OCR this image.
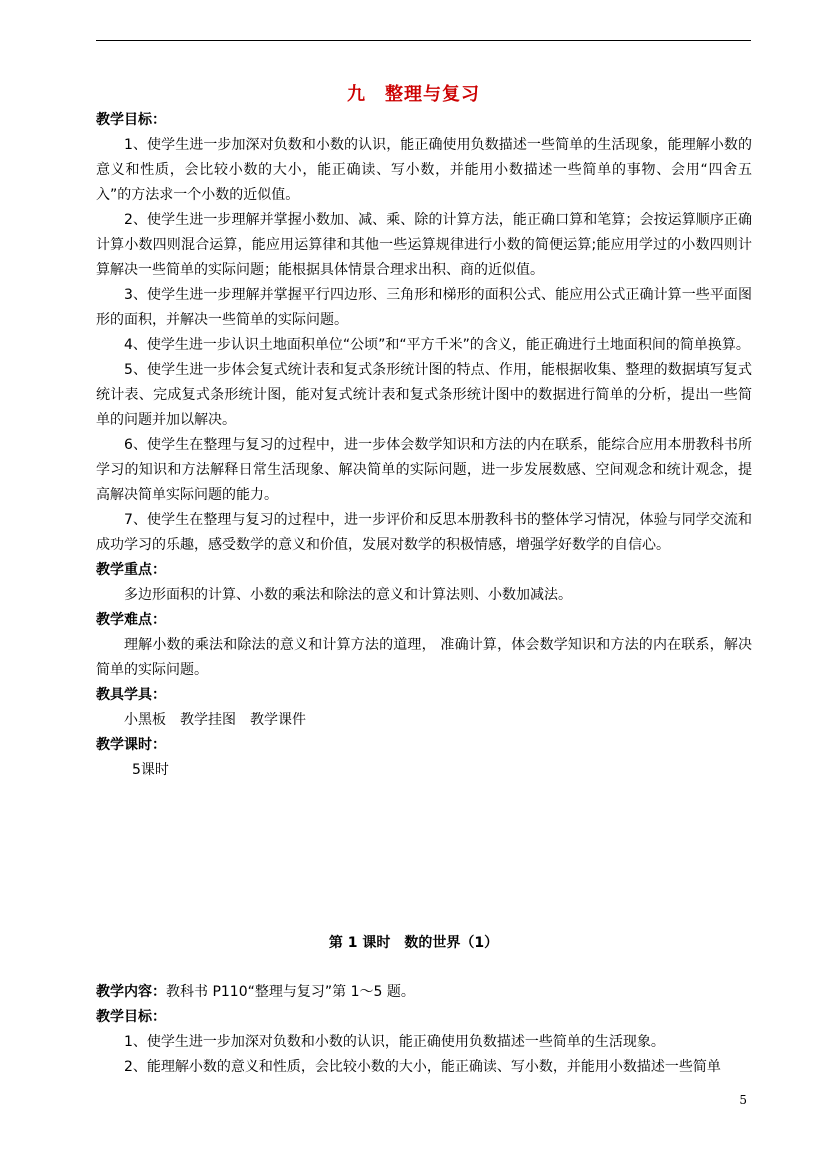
九　整理与复习

教学目标：

1、使学生进一步加深对负数和小数的认识，能正确使用负数描述一些简单的生活现象，能理解小数的意义和性质，会比较小数的大小，能正确读、写小数，并能用小数描述一些简单的事物、会用“四舍五入”的方法求一个小数的近似值。

2、使学生进一步理解并掌握小数加、减、乘、除的计算方法，能正确口算和笔算；会按运算顺序正确计算小数四则混合运算，能应用运算律和其他一些运算规律进行小数的简便运算;能应用学过的小数四则计算解决一些简单的实际问题；能根据具体情景合理求出积、商的近似值。

3、使学生进一步理解并掌握平行四边形、三角形和梯形的面积公式、能应用公式正确计算一些平面图形的面积，并解决一些简单的实际问题。

4、使学生进一步认识土地面积单位“公顷”和“平方千米”的含义，能正确进行土地面积间的简单换算。

5、使学生进一步体会复式统计表和复式条形统计图的特点、作用，能根据收集、整理的数据填写复式统计表、完成复式条形统计图，能对复式统计表和复式条形统计图中的数据进行简单的分析，提出一些简单的问题并加以解决。

6、使学生在整理与复习的过程中，进一步体会数学知识和方法的内在联系，能综合应用本册教科书所学习的知识和方法解释日常生活现象、解决简单的实际问题，进一步发展数感、空间观念和统计观念，提高解决简单实际问题的能力。

7、使学生在整理与复习的过程中，进一步评价和反思本册教科书的整体学习情况，体验与同学交流和成功学习的乐趣，感受数学的意义和价值，发展对数学的积极情感，增强学好数学的自信心。

教学重点：

多边形面积的计算、小数的乘法和除法的意义和计算法则、小数加减法。

教学难点：

理解小数的乘法和除法的意义和计算方法的道理， 准确计算，体会数学知识和方法的内在联系，解决简单的实际问题。

教具学具：

小黑板　教学挂图　教学课件

教学课时：

5课时

第 1 课时　数的世界（1）

教学内容：教科书 P110“整理与复习”第 1～5 题。

教学目标：

1、使学生进一步加深对负数和小数的认识，能正确使用负数描述一些简单的生活现象。

2、能理解小数的意义和性质，会比较小数的大小，能正确读、写小数，并能用小数描述一些简单

5
